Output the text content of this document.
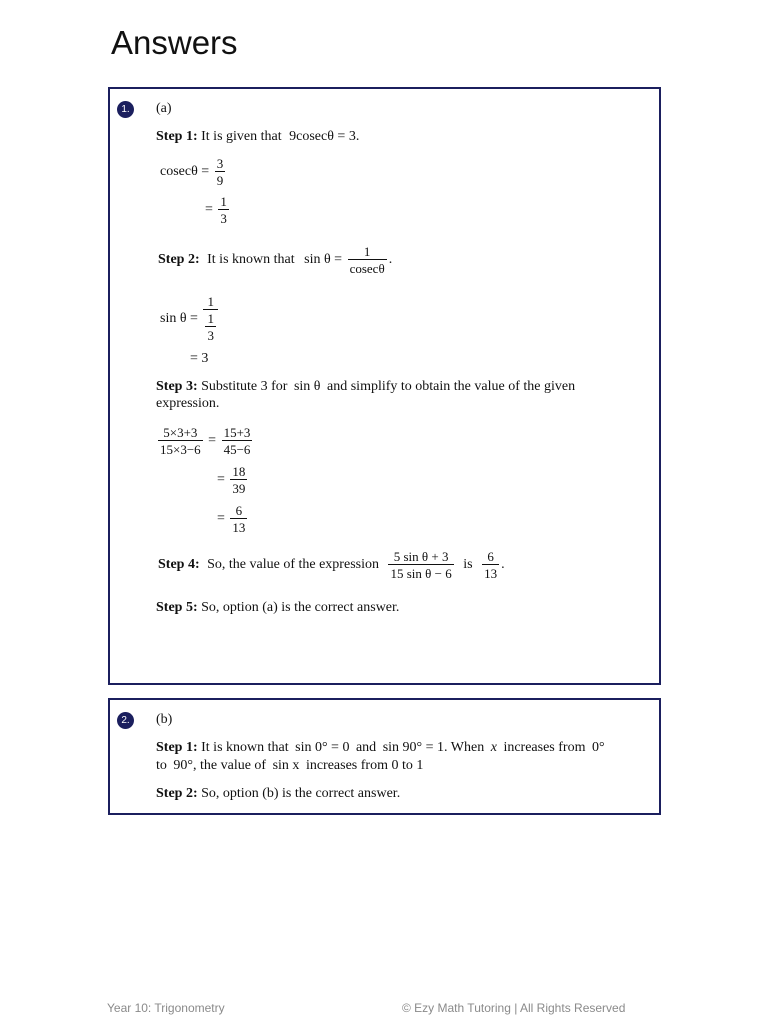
Answers
1.	(a)
Step 1: It is given that 9cosecθ = 3.
$cosec\theta = \frac{3}{9}$
= $\frac{1}{3}$
Step 2: It is known that $\sin \theta = \frac{1}{cosec\theta}$ .
$\sin \theta = \frac{1}{\frac{1}{3}}$
= 3
Step 3: Substitute 3 for sin θ and simplify to obtain the value of the given
expression.
$\frac{5\times 3+3}{15\times 3-6} = \frac{15+3}{45-6}$
= $\frac{18}{39}$
= $\frac{6}{13}$
Step 4: So, the value of the expression $\frac{\text{5 sin θ + 3}}{\text{15 sin θ − 6}}$ is $\frac{6}{13}$ .
Step 5: So, option (a) is the correct answer.
2.	(b)
Step 1: It is known that sin 0° = 0 and sin 90° = 1. When x increases from 0°
to 90°, the value of sin x increases from 0 to 1
Step 2: So, option (b) is the correct answer.
Year 10: Trigonometry	© Ezy Math Tutoring | All Rights Reserved
